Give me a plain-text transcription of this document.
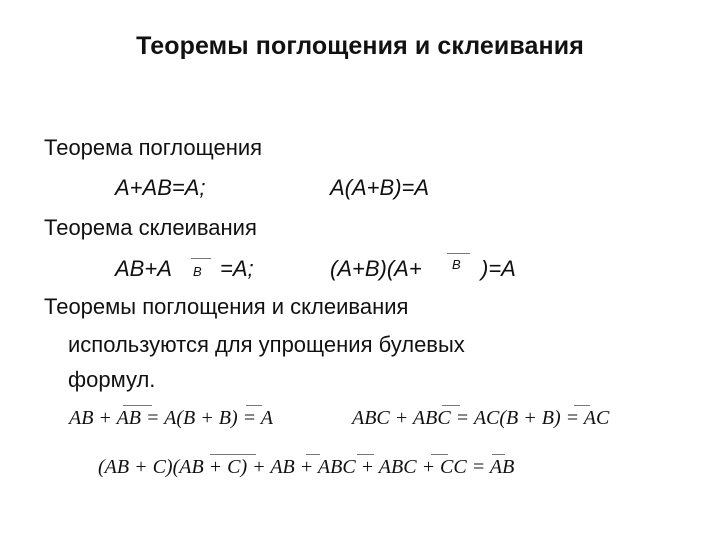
Теоремы поглощения и склеивания
Теорема поглощения
A+AB=A;	A(A+B)=A
Теорема склеивания
AB+A B =A;	(A+B)(A+ B )=A
Теоремы поглощения и склеивания
используются для упрощения булевых
формул.
AB + AB = A(B + B) = A	ABC + ABC = AC(B + B) = AC
(AB + C)(AB + C) + AB + ABC + ABC + CC = AB
